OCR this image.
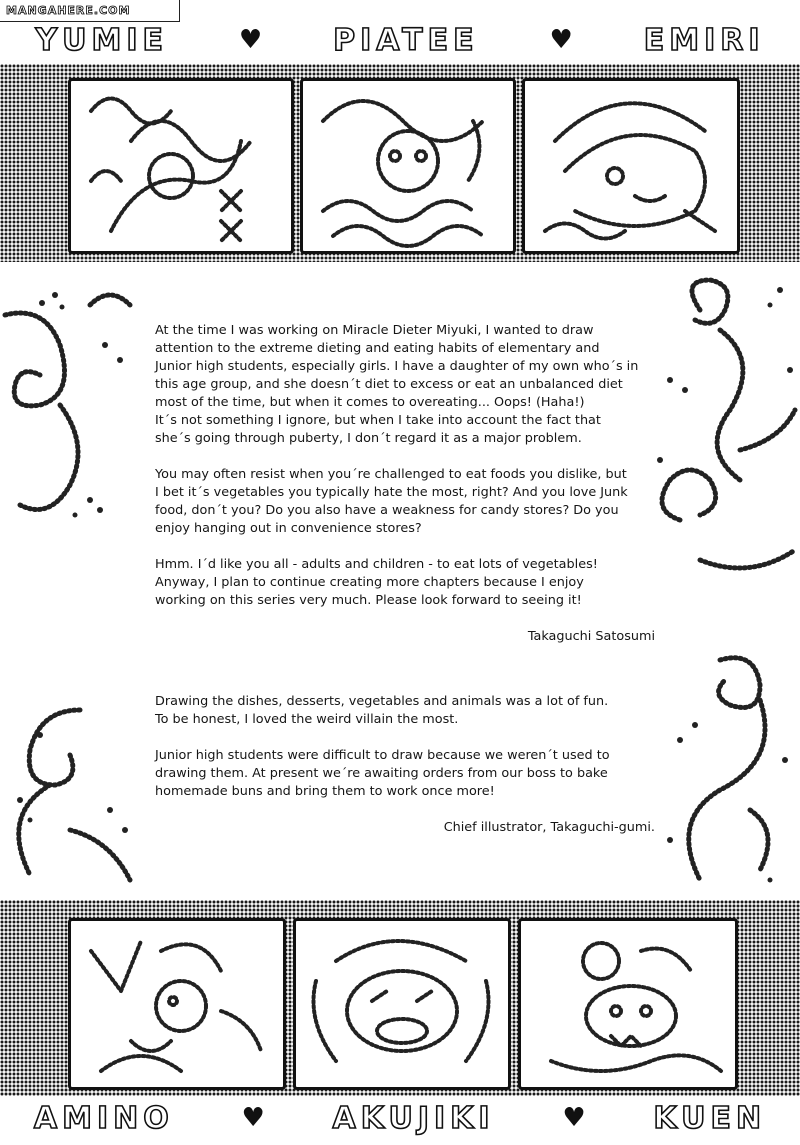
MANGAHERE.COM
YUMIE	♥ PIATEE	♥ EMIRI

At the time I was working on Miracle Dieter Miyuki, I wanted to draw
attention to the extreme dieting and eating habits of elementary and
Junior high students, especially girls. I have a daughter of my own who´s in
this age group, and she doesn´t diet to excess or eat an unbalanced diet
most of the time, but when it comes to overeating... Oops! (Haha!)
It´s not something I ignore, but when I take into account the fact that
she´s going through puberty, I don´t regard it as a major problem.

You may often resist when you´re challenged to eat foods you dislike, but
I bet it´s vegetables you typically hate the most, right? And you love Junk
food, don´t you? Do you also have a weakness for candy stores? Do you
enjoy hanging out in convenience stores?

Hmm. I´d like you all - adults and children - to eat lots of vegetables!
Anyway, I plan to continue creating more chapters because I enjoy
working on this series very much. Please look forward to seeing it!

Takaguchi Satosumi

Drawing the dishes, desserts, vegetables and animals was a lot of fun.
To be honest, I loved the weird villain the most.

Junior high students were difficult to draw because we weren´t used to
drawing them. At present we´re awaiting orders from our boss to bake
homemade buns and bring them to work once more!

Chief illustrator, Takaguchi-gumi.

AMINO	♥ AKUJIKI	♥ KUEN
